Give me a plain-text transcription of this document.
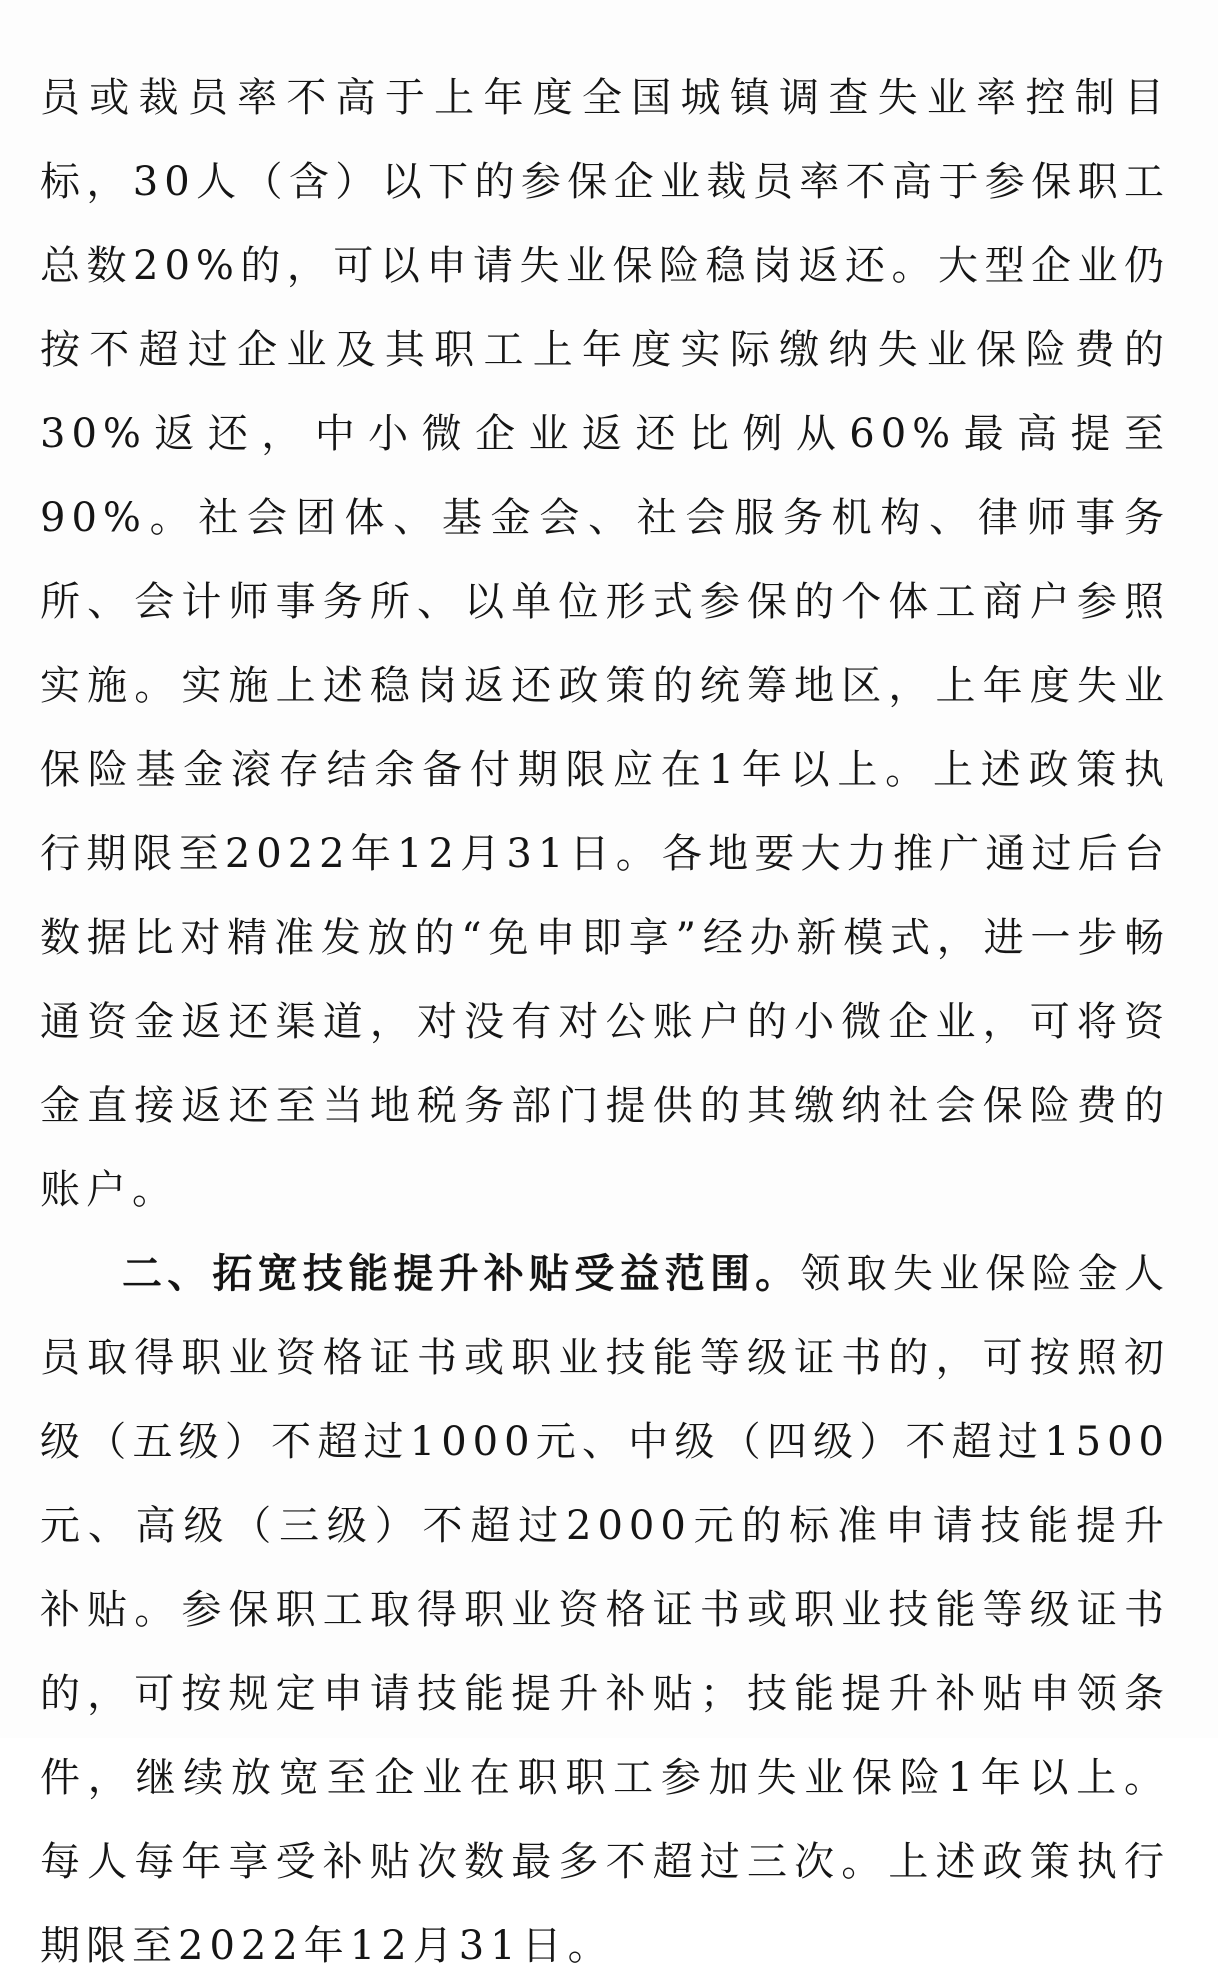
员或裁员率不高于上年度全国城镇调查失业率控制目标，30人（含）以下的参保企业裁员率不高于参保职工总数20%的，可以申请失业保险稳岗返还。大型企业仍按不超过企业及其职工上年度实际缴纳失业保险费的30%返还，中小微企业返还比例从60%最高提至90%。社会团体、基金会、社会服务机构、律师事务所、会计师事务所、以单位形式参保的个体工商户参照实施。实施上述稳岗返还政策的统筹地区，上年度失业保险基金滚存结余备付期限应在1年以上。上述政策执行期限至2022年12月31日。各地要大力推广通过后台数据比对精准发放的“免申即享”经办新模式，进一步畅通资金返还渠道，对没有对公账户的小微企业，可将资金直接返还至当地税务部门提供的其缴纳社会保险费的账户。

二、拓宽技能提升补贴受益范围。领取失业保险金人员取得职业资格证书或职业技能等级证书的，可按照初级（五级）不超过1000元、中级（四级）不超过1500元、高级（三级）不超过2000元的标准申请技能提升补贴。参保职工取得职业资格证书或职业技能等级证书的，可按规定申请技能提升补贴；技能提升补贴申领条件，继续放宽至企业在职职工参加失业保险1年以上。每人每年享受补贴次数最多不超过三次。上述政策执行期限至2022年12月31日。
